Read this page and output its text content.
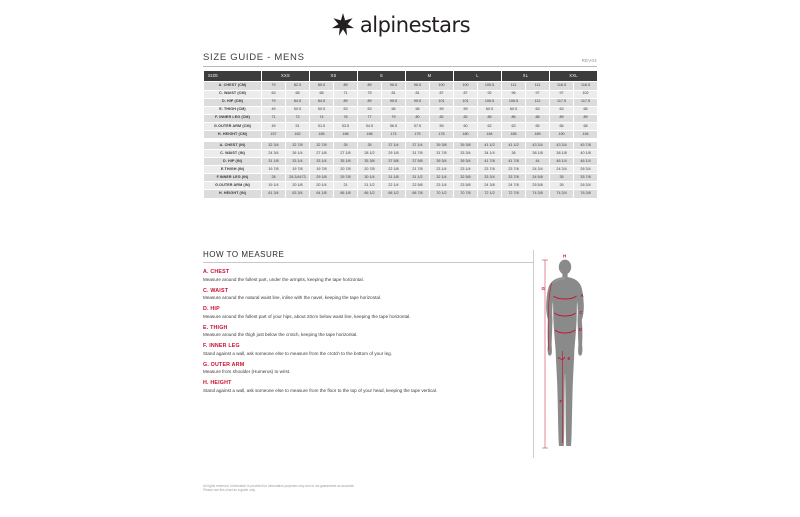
alpinestars
SIZE GUIDE - MENS	REV04
SIZE	XXS		XS		S		M		L		XL		XXL	
A. CHEST (CM)	79	82.5	85.5	89	89	96.5	96.5	100	100	105.5	111	111	116.5	116.5	
C. WAIST (CM)	63	68	68	71	75	81	81	87	87	92	96	97	97	102	
D. HIP (CM)	79	84.5	84.5	89	89	95.5	95.5	101	101	106.5	106.5	112	117.5	117.5	
E. THIGH (CM)	49	50.5	50.5	53	53	56	56	59	59	60.5	60.5	63	63	66	
F. INNER LEG (CM)	71	73	74	76	77	79	80	82	82	85	86	88	89	89	
G.OUTER ARM (CM)	49	51	51.5	53.5	54.5	56.5	57.5	59	60	62	63	65	66	68	
H. HEIGHT (CM)	157	162	165	168	168	174	175	178	180	184	185	189	190	194	

A. CHEST (IN)	32 3/4	32 7/8	32 7/8	35	35	37 1/4	37 1/4	39 3/8	39 3/8	41 1/2	41 1/2	43 3/4	43 3/4	45 7/8		
C. WAIST (IN)	24 3/4	26 1/4	27 1/8	27 1/8	28 1/2	29 1/8	31 7/8	31 7/8	33 3/4	34 1/4	36	38 1/8	38 1/8	40 1/8	
D. HIP (IN)	31 1/8	33 1/4	33 1/4	35 1/8	35 3/8	37 5/8	37 5/8	39 3/4	39 3/4	41 7/8	41 7/8	44	46 1/4	46 1/4	
E.THIGH (IN)	19 7/8	19 7/8	19 7/8	20 7/8	20 7/8	22 1/8	21 7/8	23 1/4	23 1/4	23 7/8	23 7/8	24 3/4	24 3/4	26 3/4	
F.INNER LEG (IN)	28	28 3/4473	29 1/8	29 7/8	30 1/4	31 1/8	31 1/2	32 1/4	32 5/8	33 3/4	33 7/8	34 5/8	35	35 7/8	
G.OUTER ARM (IN)	19 1/4	20 1/8	20 1/4	21	21 1/2	22 1/4	22 5/8	23 1/4	23 5/8	24 3/8	24 7/8	25 5/8	26	26 3/4	
H. HEIGHT (IN)	61 3/4	63 3/4	64 1/8	66 1/8	66 1/2	68 1/2	68 7/8	70 1/2	70 7/8	72 1/2	72 7/8	74 3/8	74 3/4	76 3/8	
HOW TO MEASURE
A. CHEST
Measure around the fullest part, under the armpits, keeping the tape horizontal.
C. WAIST
Measure around the natural waist line, inline with the navel, keeping the tape horizontal.
D. HIP
Measure around the fullest part of your hips, about 20cm below waist line, keeping the tape horizontal.
E. THIGH
Measure around the thigh just below the crotch, keeping the tape horizontal.
F. INNER LEG
Stand against a wall, ask someone else to measure from the crotch to the bottom of your leg.
G. OUTER ARM
Measure from shoulder (Humerus) to wrist.
H. HEIGHT
Stand against a wall, ask someone else to measure from the floor to the top of your head, keeping the tape vertical.
H
G
A
C
D
E
F
All rights reserved. Information is provided for information purposes only and is not guaranteed as accurate.
Please use this chart as a guide only.
